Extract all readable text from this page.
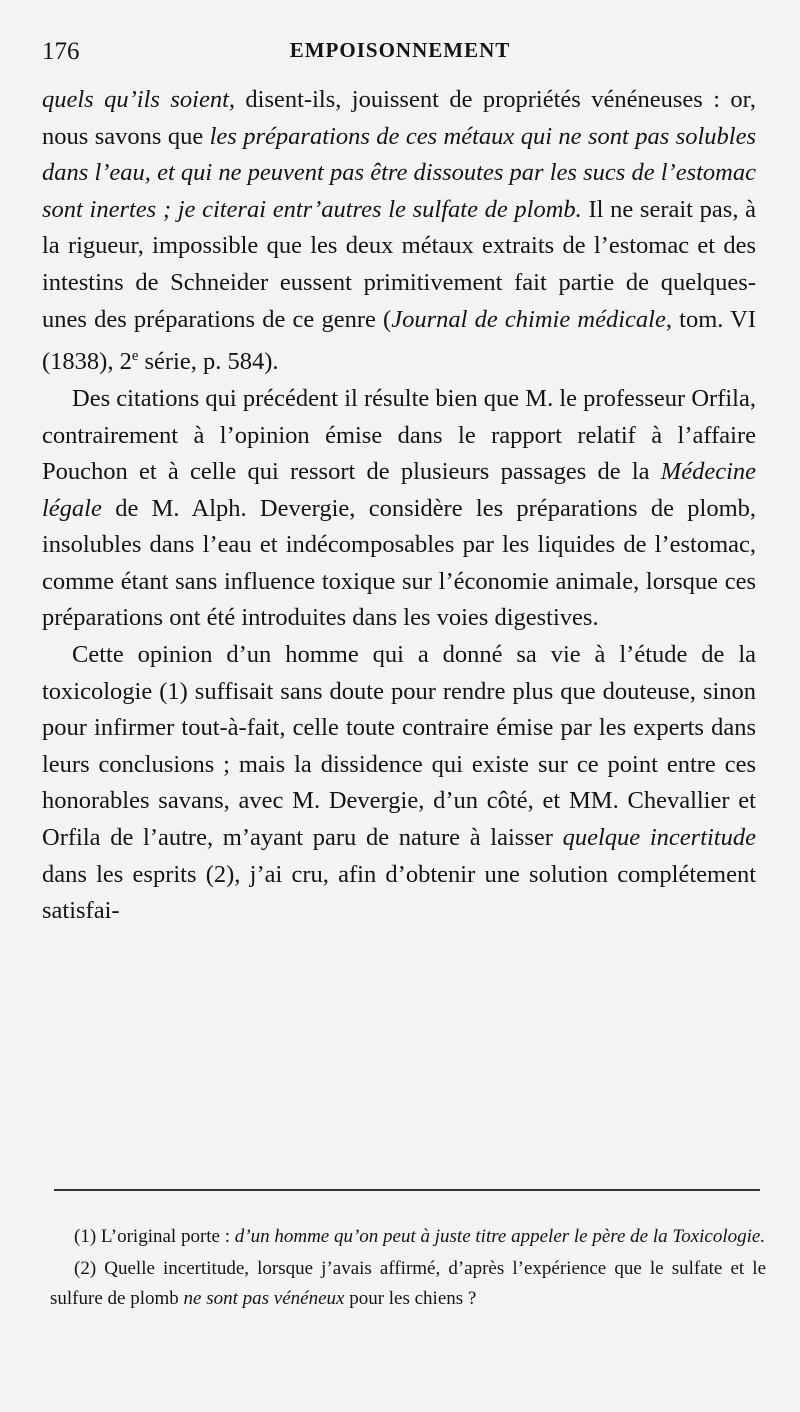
176	EMPOISONNEMENT

quels qu’ils soient, disent-ils, jouissent de propriétés vénéneuses : or, nous savons que les préparations de ces métaux qui ne sont pas solubles dans l’eau, et qui ne peuvent pas être dissoutes par les sucs de l’estomac sont inertes ; je citerai entr’autres le sulfate de plomb. Il ne serait pas, à la rigueur, impossible que les deux métaux extraits de l’estomac et des intestins de Schneider eussent primitivement fait partie de quelques-unes des préparations de ce genre (Journal de chimie médicale, tom. VI (1838), 2e série, p. 584).

Des citations qui précédent il résulte bien que M. le professeur Orfila, contrairement à l’opinion émise dans le rapport relatif à l’affaire Pouchon et à celle qui ressort de plusieurs passages de la Médecine légale de M. Alph. Devergie, considère les préparations de plomb, insolubles dans l’eau et indécomposables par les liquides de l’estomac, comme étant sans influence toxique sur l’économie animale, lorsque ces préparations ont été introduites dans les voies digestives.

Cette opinion d’un homme qui a donné sa vie à l’étude de la toxicologie (1) suffisait sans doute pour rendre plus que douteuse, sinon pour infirmer tout-à-fait, celle toute contraire émise par les experts dans leurs conclusions ; mais la dissidence qui existe sur ce point entre ces honorables savans, avec M. Devergie, d’un côté, et MM. Chevallier et Orfila de l’autre, m’ayant paru de nature à laisser quelque incertitude dans les esprits (2), j’ai cru, afin d’obtenir une solution complétement satisfai-

(1) L’original porte : d’un homme qu’on peut à juste titre appeler le père de la Toxicologie.

(2) Quelle incertitude, lorsque j’avais affirmé, d’après l’expérience que le sulfate et le sulfure de plomb ne sont pas vénéneux pour les chiens ?
